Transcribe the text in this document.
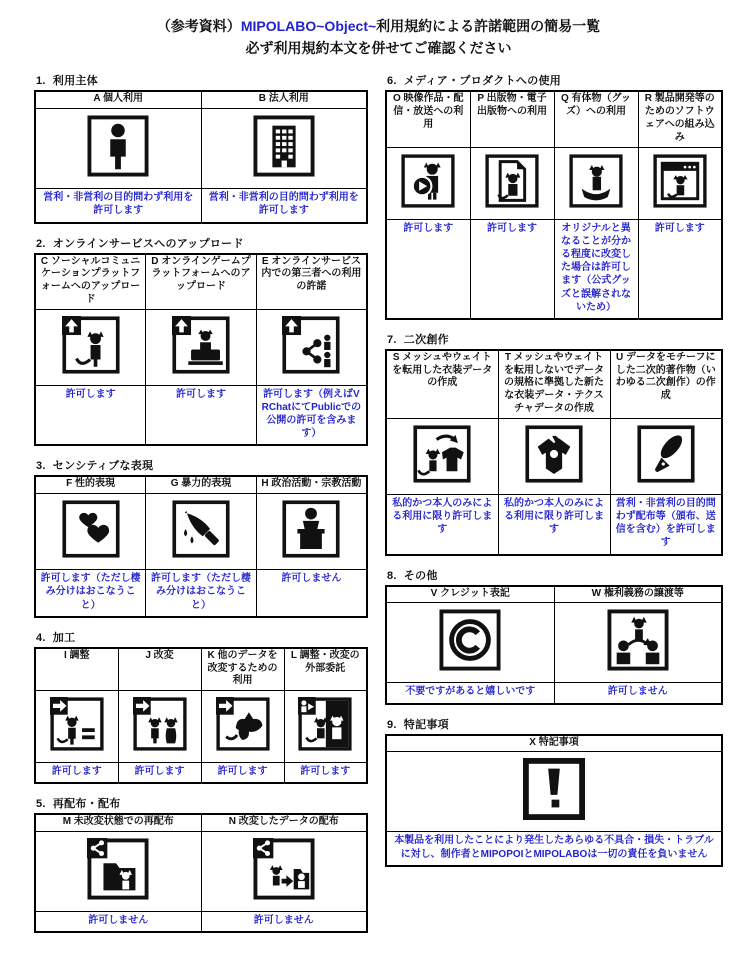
（参考資料）MIPOLABO~Object~利用規約による許諾範囲の簡易一覧
必ず利用規約本文を併せてご確認ください
1. 利用主体
A 個人利用	B 法人利用

営利・非営利の目的問わず利用を許可します	営利・非営利の目的問わず利用を許可します
2. オンラインサービスへのアップロード
C ソーシャルコミュニケーションプラットフォームへのアップロード	D オンラインゲームプラットフォームへのアップロード	E オンラインサービス内での第三者への利用の許諾

許可します	許可します	許可します（例えばVRChatにてPublicでの公開の許可を含みます）
3. センシティブな表現
F 性的表現	G 暴力的表現	H 政治活動・宗教活動

許可します（ただし棲み分けはおこなうこと）	許可します（ただし棲み分けはおこなうこと）	許可しません
4. 加工
I 調整	J 改変	K 他のデータを改変するための利用	L 調整・改変の外部委託

許可します	許可します	許可します	許可します
5. 再配布・配布
M 未改変状態での再配布	N 改変したデータの配布

許可しません	許可しません
6. メディア・プロダクトへの使用
O 映像作品・配信・放送への利用	P 出版物・電子出版物への利用	Q 有体物（グッズ）への利用	R 製品開発等のためのソフトウェアへの組み込み

許可します	許可します	オリジナルと異なることが分かる程度に改変した場合は許可します（公式グッズと誤解されないため）	許可します
7. 二次創作
S メッシュやウェイトを転用した衣装データの作成	T メッシュやウェイトを転用しないでデータの規格に準拠した新たな衣装データ・テクスチャデータの作成	U データをモチーフにした二次的著作物（いわゆる二次創作）の作成

私的かつ本人のみによる利用に限り許可します	私的かつ本人のみによる利用に限り許可します	営利・非営利の目的問わず配布等（頒布、送信を含む）を許可します
8. その他
V クレジット表記	W 権利義務の譲渡等

不要ですがあると嬉しいです	許可しません
9. 特記事項
X 特記事項

本製品を利用したことにより発生したあらゆる不具合・損失・トラブルに対し、制作者とMIPOPOIとMIPOLABOは一切の責任を負いません
